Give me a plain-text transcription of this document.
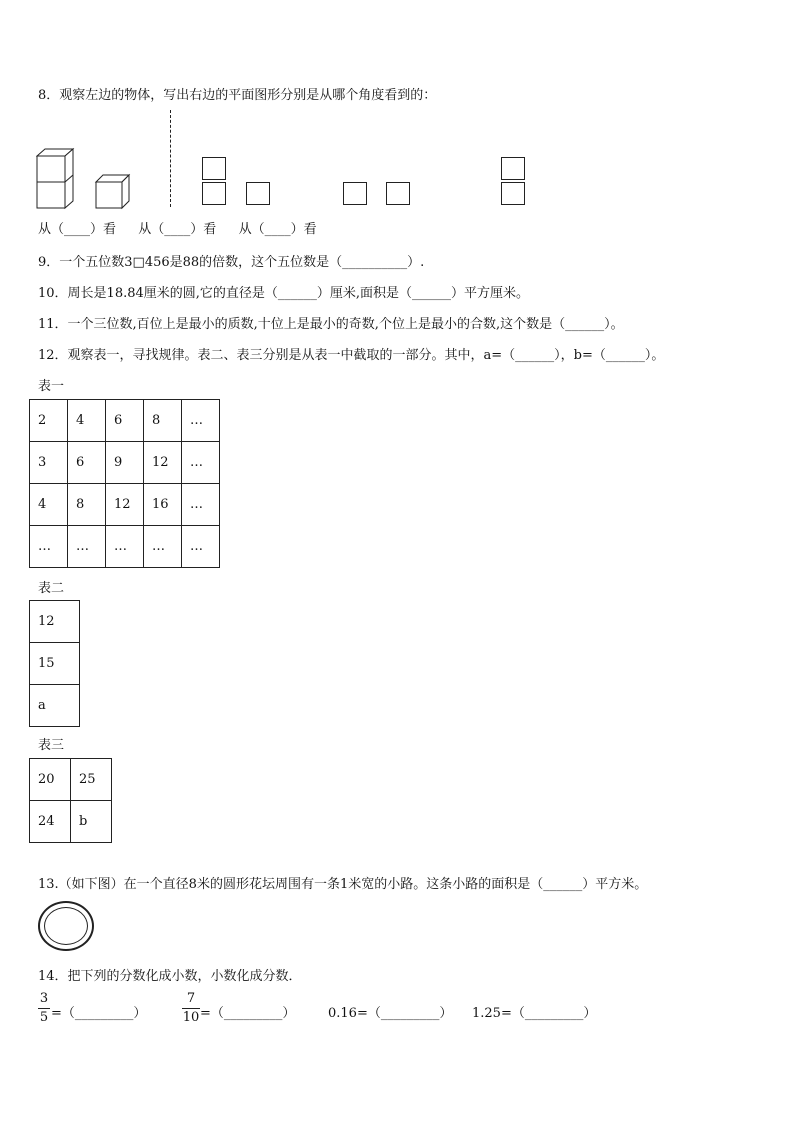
8．观察左边的物体，写出右边的平面图形分别是从哪个角度看到的：
从（____）看 从（____）看 从（____）看
9．一个五位数3□456是88的倍数，这个五位数是（__________）.
10．周长是18.84厘米的圆,它的直径是（______）厘米,面积是（______）平方厘米。
11．一个三位数,百位上是最小的质数,十位上是最小的奇数,个位上是最小的合数,这个数是（______）。
12．观察表一，寻找规律。表二、表三分别是从表一中截取的一部分。其中，a=（______），b=（______）。
表一
2	4	6	8	…
3	6	9	12	…
4	8	12	16	…
…	…	…	…	…
表二
12
15
a
表三
20	25
24	b
13.（如下图）在一个直径8米的圆形花坛周围有一条1米宽的小路。这条小路的面积是（______）平方米。
14．把下列的分数化成小数，小数化成分数．
3
5 =（_________）
7
10 =（_________）	0.16=（_________） 1.25=（_________）
